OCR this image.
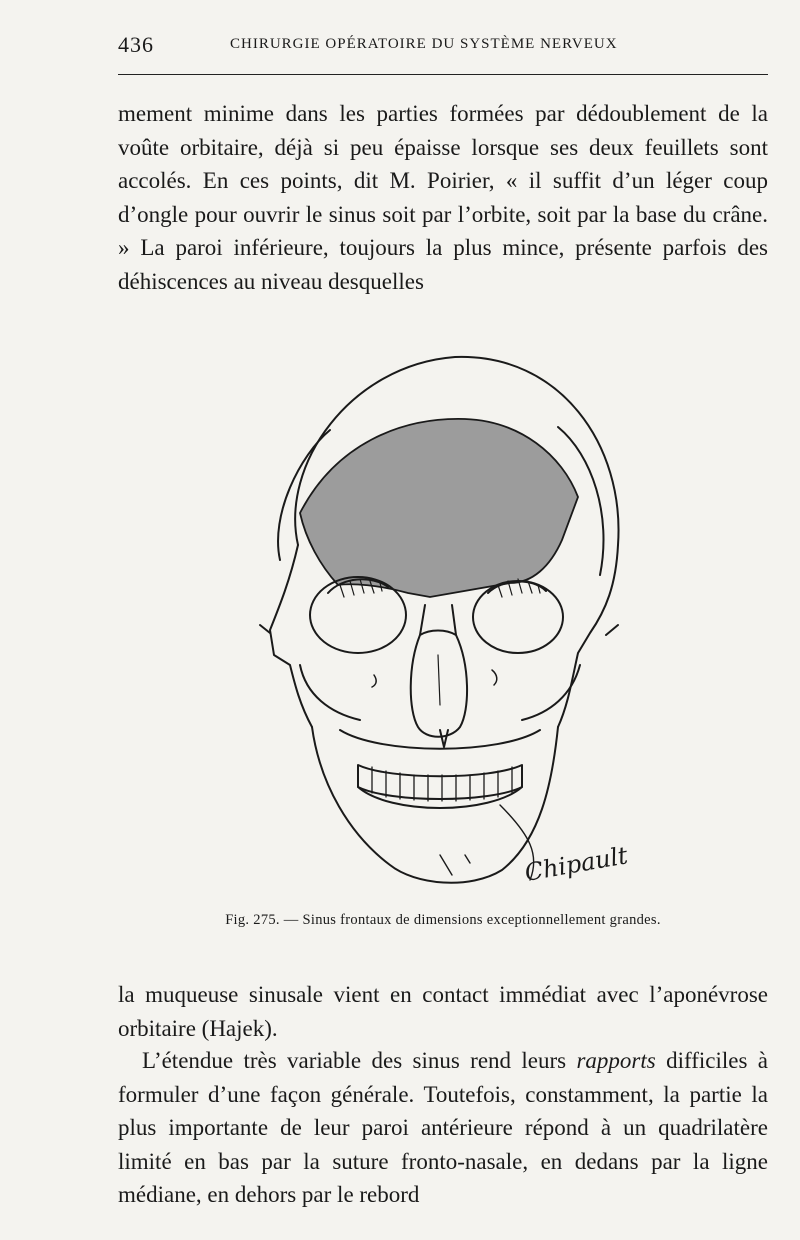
436	CHIRURGIE OPÉRATOIRE DU SYSTÈME NERVEUX

mement minime dans les parties formées par dédoublement de la voûte orbitaire, déjà si peu épaisse lorsque ses deux feuillets sont accolés. En ces points, dit M. Poirier, « il suffit d’un léger coup d’ongle pour ouvrir le sinus soit par l’orbite, soit par la base du crâne. » La paroi inférieure, toujours la plus mince, présente parfois des déhiscences au niveau desquelles

Chipault
Fig. 275. — Sinus frontaux de dimensions exceptionnellement grandes.

la muqueuse sinusale vient en contact immédiat avec l’aponévrose orbitaire (Hajek).

L’étendue très variable des sinus rend leurs rapports difficiles à formuler d’une façon générale. Toutefois, constamment, la partie la plus importante de leur paroi antérieure répond à un quadrilatère limité en bas par la suture fronto-nasale, en dedans par la ligne médiane, en dehors par le rebord
